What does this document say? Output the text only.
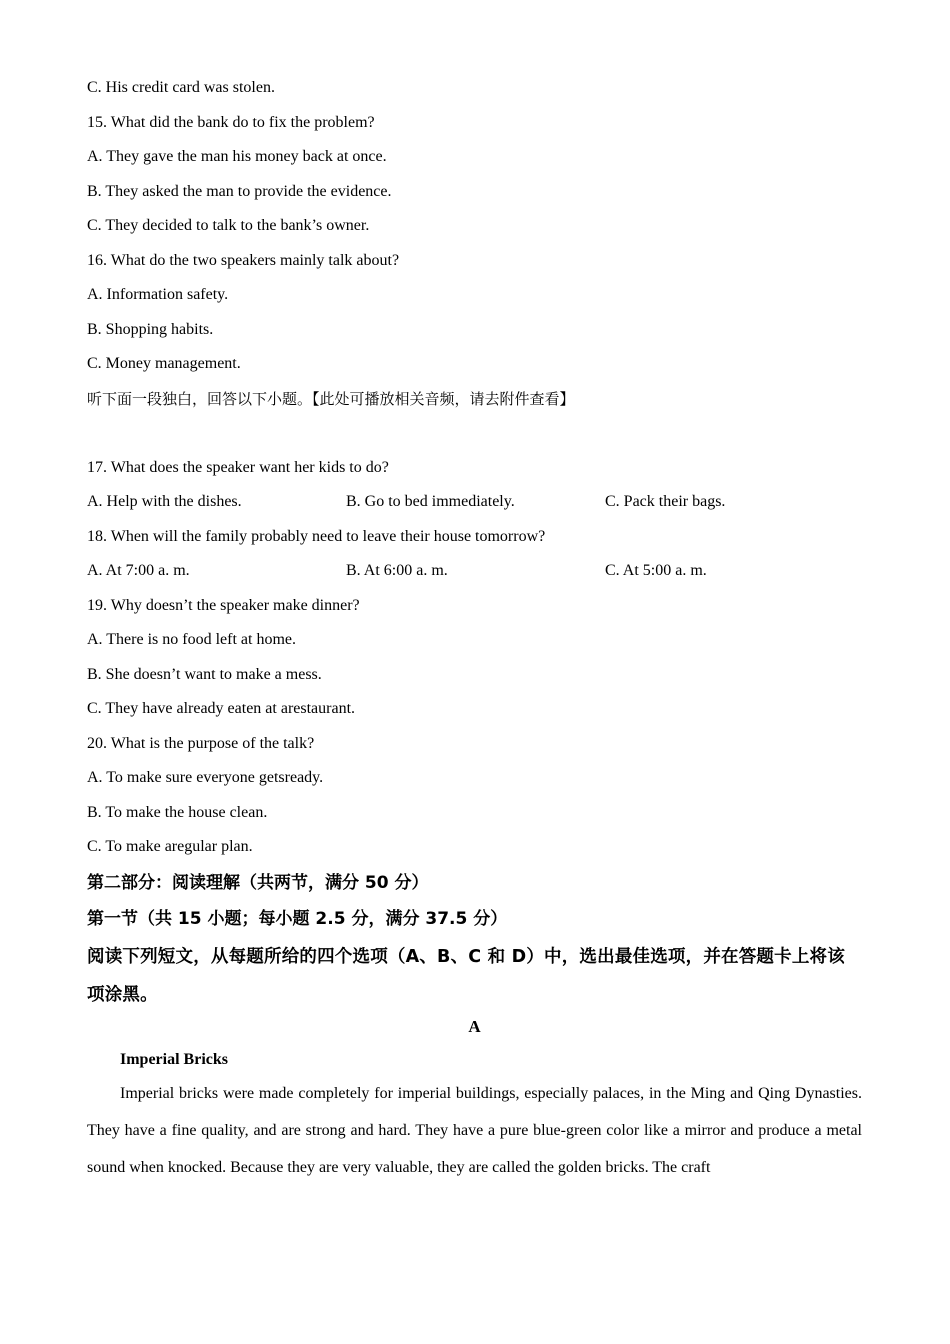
C. His credit card was stolen.
15. What did the bank do to fix the problem?
A. They gave the man his money back at once.
B. They asked the man to provide the evidence.
C. They decided to talk to the bank’s owner.
16. What do the two speakers mainly talk about?
A. Information safety.
B. Shopping habits.
C. Money management.
听下面一段独白，回答以下小题。【此处可播放相关音频，请去附件查看】
17. What does the speaker want her kids to do?
A. Help with the dishes.	B. Go to bed immediately.	C. Pack their bags.
18. When will the family probably need to leave their house tomorrow?
A. At 7:00 a. m.	B. At 6:00 a. m.	C. At 5:00 a. m.
19. Why doesn’t the speaker make dinner?
A. There is no food left at home.
B. She doesn’t want to make a mess.
C. They have already eaten at arestaurant.
20. What is the purpose of the talk?
A. To make sure everyone getsready.
B. To make the house clean.
C. To make aregular plan.
第二部分：阅读理解（共两节，满分 50 分）
第一节（共 15 小题；每小题 2.5 分，满分 37.5 分）
阅读下列短文，从每题所给的四个选项（A、B、C 和 D）中，选出最佳选项，并在答题卡上将该项涂黑。
A
Imperial Bricks
Imperial bricks were made completely for imperial buildings, especially palaces, in the Ming and Qing Dynasties. They have a fine quality, and are strong and hard. They have a pure blue-green color like a mirror and produce a metal sound when knocked. Because they are very valuable, they are called the golden bricks. The craft
